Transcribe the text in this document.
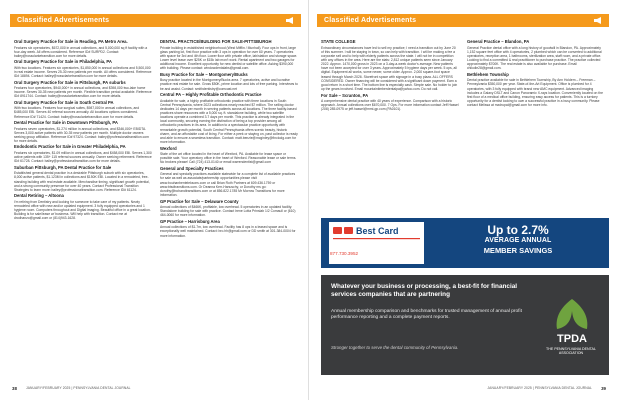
Classified Advertisements
Oral Surgery Practice for Sale in Reading, PA Metro Area.

Features six operatories, $672,000 in annual collections, and 5,000,000 sq ft facility with a four-day week. All offers considered. Reference ID# SURPD2. Contact: bailey@rossclarketransition.com for more details.

Oral Surgery Practice for Sale in Philadelphia, PA

With two locations. Features six operatories, $1,850,000 in annual collections and 5,500,000 in real estate income. Serves 25-30 new patients per month. All offers considered. Reference ID# 18894. Contact: bailey@rossclarketransition.com for more details.

Oral Surgery Practice for Sale in Pittsburgh, PA suburbs

Features four operatories, $940,000+ in annual collections, and $398,000 two-lake home income. Serves 30-35 new patients per month. Flexible transition period available. Reference ID# 8911744. Contact: bailey@rossclarketransition.com for more details.

Oral Surgery Practice for Sale in South Central PA

With two locations. Features four surgical suites, $987,000 in annual collections, and $485,000 EBI. Serves 40 referral sources annually. All locations options considered. Reference ID# 71424. Contact: bailey@rossclarketransition.com for more details.

Dental Practice for Sale in Downtown Pittsburgh, PA

Features seven operatories, $1.274 million in annual collections, and $346,000+ EBIDTA. Serves 3,000 active patients with 30-35 new patients per month. Multiple doctor owners seeking group affiliation. Reference ID# 97324. Contact: bailey@professionaltransition.com for more details.

Endodontic Practice for Sale in Greater Philadelphia, PA

Features six operatories, $1.09 million in annual collections, and $458,000 EBI. Serves 1,300 active patients with 135+ 115 referral sources annually. Owner seeking retirement. Reference ID# 61728. Contact: bailey@professionaltransition.com for more details.

Suburban Pittsburgh, PA Dental Practice for Sale

Established general dental practice in a desirable Pittsburgh suburb with six operatories, 8,000 active patients, $1.123M in collections and $150K EBI. Located in a remodeled, free-standing building with real estate available. Merchandise timing, significant growth potential, and a strong community presence for over 40 years. Contact Professional Transition Strategies to learn more: bailey@professionaltransition.com. Reference ID# 61124.

Dental Retiring – Altoona

I'm retiring from Dentistry and looking for someone to take care of my patients. Newly remodeled office with new and/or updated equipment. 3 fully equipped operatories and 1 hygiene room. Computers throughout and Digital imaging. Beautiful office in a great location. Building is for sale/lease w/ business. Will help with transition. Contact me at drcdhanzo@gmail.com or (814)943-1628.

DENTAL PRACTICE/BUILDING FOR SALE-PITTSBURGH

Private building in established neighborhood (West Mifflin / Munhall). Four ops in front, large glass parking lot, first floor practice with 3 ops in operation for over 60 years. 7 operatories with space for 3rd and 4th floor. Lower floor with private office, lab/station and storage space. Lower level lease over $25K or $15k lab mon't work. Rental apartment and two garages for additional income. Excellent opportunity for new dentist or satellite office. Asking $390,000 with building. Please contact: windowdentalabs@gmail.com.

Busy Practice for Sale – Montgomery/Bucks

Busy practice located in the Montgomery/Bucks area. 7 operatories, active and lucrative practice real estate for sale. Gross $50K, prime location and lots of free parking. Interviews to be and assist. Contact: smithdentistry@comcast.net

Central PA – Highly Profitable Orthodontic Practice

Available for sale, a highly profitable orthodontic practice with three locations in South Central Pennsylvania, where 2023 collections nearly reached $7 million. The selling doctor dedicates 14 days per month in serving patients across all locations. The three facility-based practices share resources with a 5,000 sq. ft. standalone building, while two satellite locations operate a combined 3.7 days per month. This practice is already integrated in the local community, securing earning the distinction of being a top provider among all orthodontic practices in its area. In addition to a spectacular practice opportunity with remarkable growth potential, South Central Pennsylvania offers scenic beauty, historic charm, and an affordable cost of living. For either a peek or staying on, past collector is ready and able to ensure a seamless transition. Contact: matt.benzie@mcginley@finclodg.com for more information.

Wexford

State of the art office located in the heart of Wexford, PA. Available for lease space or possible sale. Your operatory office in the heart of Wexford. Reasonable lease or sale terms. No brokers please! Call (724) 413-0140 or email warrendentist@gmail.com

General and Specialty Practices

General and specialty practices available statewide for a complete list of available practices for sale as well as associate/partnership opportunities please visit www.bouhanbenteleksons.com or call Brian Roth Partners at 609.436.1759 or www.btsdtransitions.com. Or Deanna Kerr-Hanuschy, or Dorothy ms go: dorothy@bohandtransitions.com or at 856.822.1785 Mr Morrow Transitions for more information.

GP Practice for Sale – Delaware County

Annual collections of $466K, profitable, low overhead. 5 operatories in an updated facility. Standalone building for sale with practice. Contact Irene Lotta Prinslab 1/2 Comaull or (610) 464-0060 for more information.

GP Practice – Harrisburg Area

Annual collections of $1.7m, low overhead. Facility has 8 ops in a leased space and is exceptionally well maintained. Contact: bro.hh@gmail.com or DD smith at 301-384-0004 for more information.

38	JANUARY/FEBRUARY 2025 | PENNSYLVANIA DENTAL JOURNAL
Classified Advertisements
STATE COLLEGE

Extraordinary circumstances have led to sell my practice; I need a transition out by June 20 of this summer. I will be staying in town, so can help with transition. I will be making a fee a corporate sell and to help with elderly patients across the state. I will not be in competition with any offices in the area. Here are the stats: 2,812 unique patients seen since January 2022. Approx. 1470,000 gross in 2023 on a 3-day-a-week doctor's average. New patients have not been accepted for over 3 years. Approximately 5 hygiene days per week. 5 ops, all digital. Equipment all works, some newer, some older. Approx. 2,000 square-foot space leased through March 2026. Storefront space with signage in a busy plaza. ALL OFFERS CONSIDERED. Owner financing will be considered with a significant down payment. Earn a good return in a short time. The bottom line is especially cash. Simple sale. No holder to join up the gears involved. Email mountaintimberdentalpa@yahoo.com. Do not call.

For Sale – Scranton, PA

A comprehensive dental practice with 40 years of experience. Comparison with a historic approach. Annual collections over $670,000. 7 Ops. For more information contact Jeff Hassel (208) 285-0975 or jeff.hassel@mmi-gp.com (PA0101).

General Practice – Blandon, PA

General Practice dental office with a long history of goodwill in Blandon, PA. Approximately 1,152 square feet office with 4 operatories, 2 plumbed which can be converted to additional operatories, reception area, 1 bathrooms, sterilization area, staff room, and a private office. Looking to find a committed & real practitioner to purchase practice. The practice collected approximately $700K. The real estate is also available for purchase. Email chikolie28@gmail.com.

Bethlehem Township

Dental practice available for sale in Bethlehem Township, By Ann Holdem – Freeman – Pennsylvania $350,000 per year. State-of-the-Art Equipment. Office is plumbed for 4 operatories, with 3 fully equipped with brand new AMC equipment. Advanced imaging includes a Galaxy DSLT and Canon Panoramic X-rays location. Conveniently located on the first floor of a medical office building, ensuring easy access for patients. This is a turnkey opportunity for a dentist looking to own a successful practice in a busy community. Please contact Melissa at mzdrupal@gmail.com for more info.

Best Card
877.730.3952
Up to 2.7%
AVERAGE ANNUAL
MEMBER SAVINGS
Whatever your business or processing, a best-fit for financial services companies that are partnering
Annual membership comparison and benchmarks for trusted management of annual profit performance reporting and a complete payment reports.
Stronger together to serve the dental community of Pennsylvania.
TPDA
THE PENNSYLVANIA DENTAL ASSOCIATION
39
JANUARY/FEBRUARY 2025 | PENNSYLVANIA DENTAL JOURNAL
